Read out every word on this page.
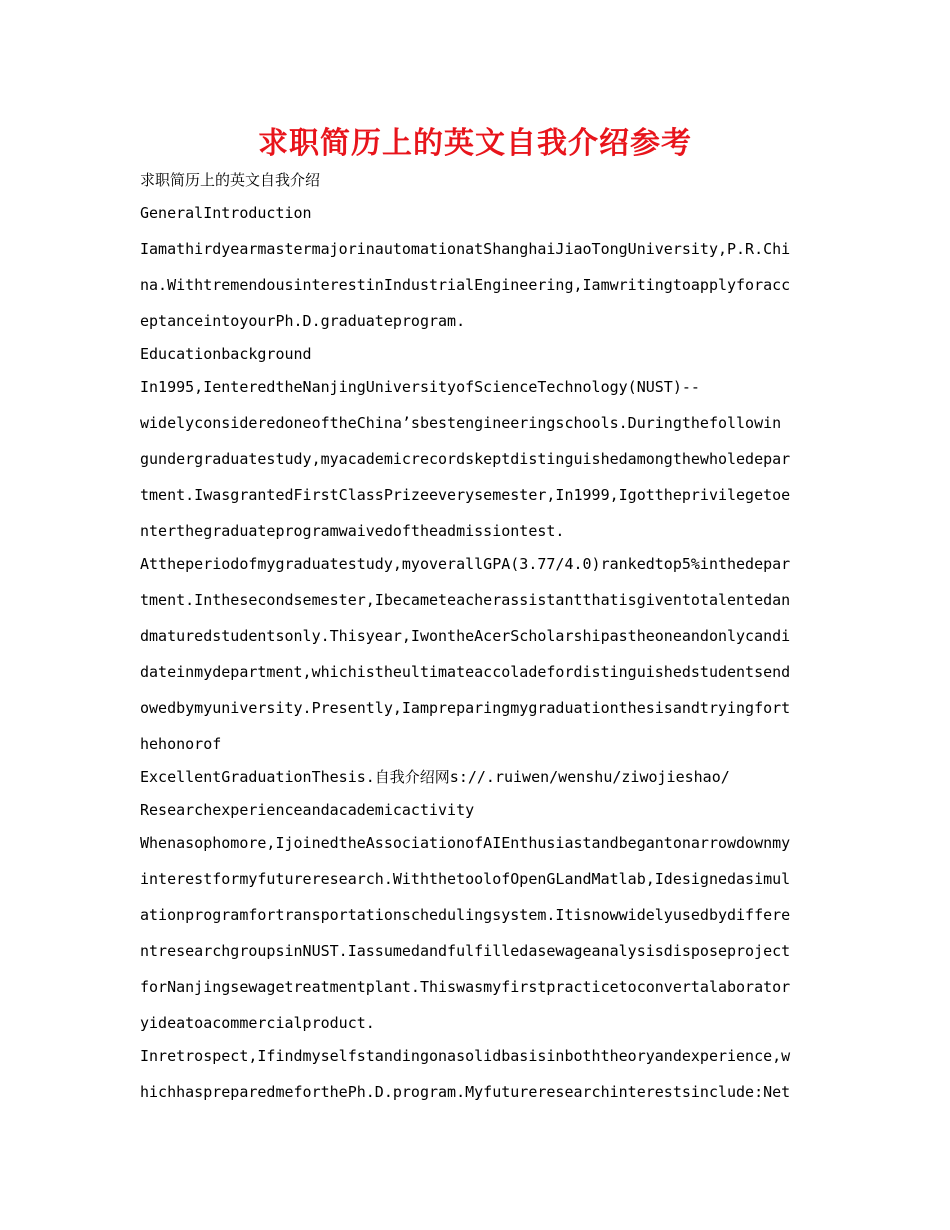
求职简历上的英文自我介绍参考
求职简历上的英文自我介绍
GeneralIntroduction
IamathirdyearmastermajorinautomationatShanghaiJiaoTongUniversity,P.R.Chi
na.WithtremendousinterestinIndustrialEngineering,Iamwritingtoapplyforacc
eptanceintoyourPh.D.graduateprogram.
Educationbackground
In1995,IenteredtheNanjingUniversityofScienceTechnology(NUST)--
widelyconsideredoneoftheChina’sbestengineeringschools.Duringthefollowin
gundergraduatestudy,myacademicrecordskeptdistinguishedamongthewholedepar
tment.IwasgrantedFirstClassPrizeeverysemester,In1999,Igottheprivilegetoe
nterthegraduateprogramwaivedoftheadmissiontest.
Attheperiodofmygraduatestudy,myoverallGPA(3.77/4.0)rankedtop5%inthedepar
tment.Inthesecondsemester,Ibecameteacherassistantthatisgiventotalentedan
dmaturedstudentsonly.Thisyear,IwontheAcerScholarshipastheoneandonlycandi
dateinmydepartment,whichistheultimateaccoladefordistinguishedstudentsend
owedbymyuniversity.Presently,Iampreparingmygraduationthesisandtryingfort
hehonorof
ExcellentGraduationThesis.自我介绍网s://.ruiwen/wenshu/ziwojieshao/
Researchexperienceandacademicactivity
Whenasophomore,IjoinedtheAssociationofAIEnthusiastandbegantonarrowdownmy
interestformyfutureresearch.WiththetoolofOpenGLandMatlab,Idesignedasimul
ationprogramfortransportationschedulingsystem.Itisnowwidelyusedbydiffere
ntresearchgroupsinNUST.Iassumedandfulfilledasewageanalysisdisposeproject
forNanjingsewagetreatmentplant.Thiswasmyfirstpracticetoconvertalaborator
yideatoacommercialproduct.
Inretrospect,Ifindmyselfstandingonasolidbasisinboththeoryandexperience,w
hichhaspreparedmeforthePh.D.program.Myfutureresearchinterestsinclude:Net
